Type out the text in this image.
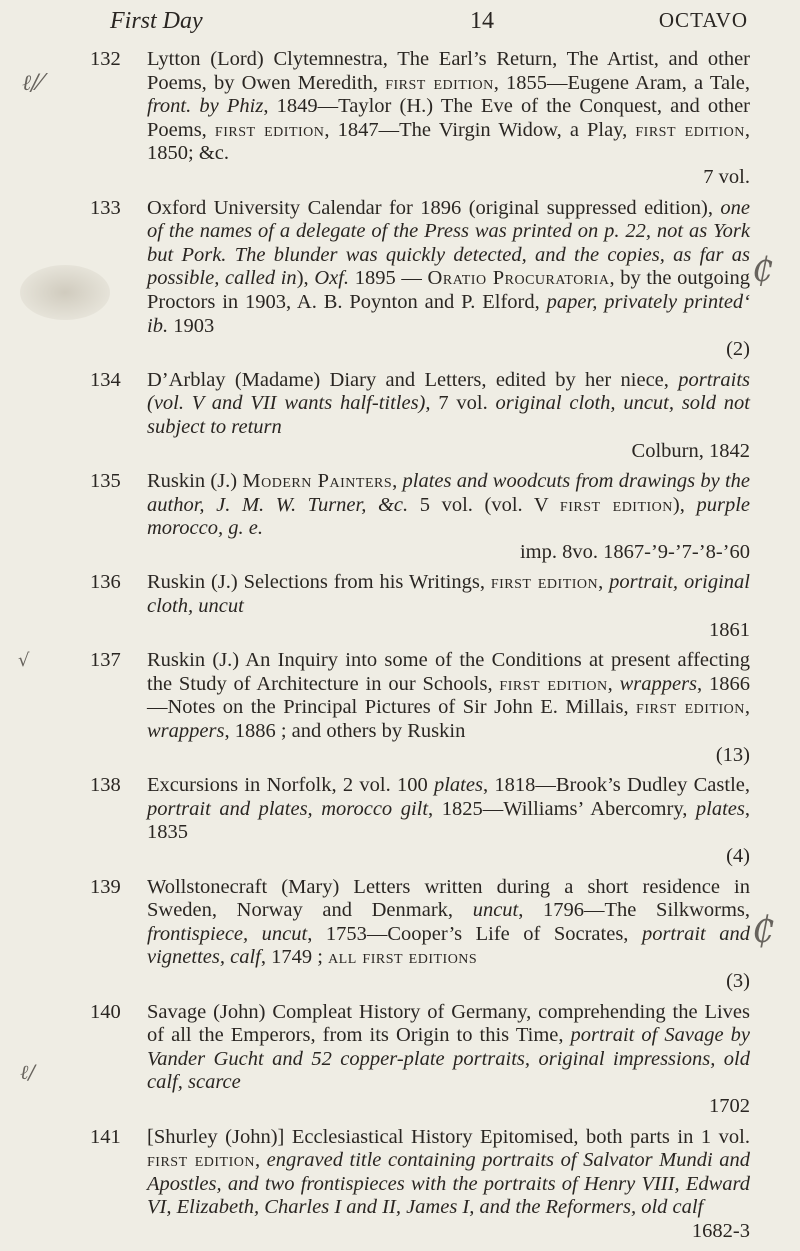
ℓ/⁄
√
ℓ/
₵
₵
First Day	14	OCTAVO
132	Lytton (Lord) Clytemnestra, The Earl’s Return, The Artist, and other Poems, by Owen Meredith, first edition, 1855—Eugene Aram, a Tale, front. by Phiz, 1849—Taylor (H.) The Eve of the Conquest, and other Poems, first edition, 1847—The Virgin Widow, a Play, first edition, 1850; &c.
7 vol.
133	Oxford University Calendar for 1896 (original suppressed edition), one of the names of a delegate of the Press was printed on p. 22, not as York but Pork. The blunder was quickly detected, and the copies, as far as possible, called in), Oxf. 1895 — Oratio Procuratoria, by the outgoing Proctors in 1903, A. B. Poynton and P. Elford, paper, privately printed‘ ib. 1903
(2)
134	D’Arblay (Madame) Diary and Letters, edited by her niece, portraits (vol. V and VII wants half-titles), 7 vol. original cloth, uncut, sold not subject to return
Colburn, 1842
135	Ruskin (J.) Modern Painters, plates and woodcuts from drawings by the author, J. M. W. Turner, &c. 5 vol. (vol. V first edition), purple morocco, g. e.
imp. 8vo. 1867-’9-’7-’8-’60
136	Ruskin (J.) Selections from his Writings, first edition, portrait, original cloth, uncut
1861
137	Ruskin (J.) An Inquiry into some of the Conditions at present affecting the Study of Architecture in our Schools, first edition, wrappers, 1866—Notes on the Principal Pictures of Sir John E. Millais, first edition, wrappers, 1886 ; and others by Ruskin
(13)
138	Excursions in Norfolk, 2 vol. 100 plates, 1818—Brook’s Dudley Castle, portrait and plates, morocco gilt, 1825—Williams’ Abercomry, plates, 1835
(4)
139	Wollstonecraft (Mary) Letters written during a short residence in Sweden, Norway and Denmark, uncut, 1796—The Silkworms, frontispiece, uncut, 1753—Cooper’s Life of Socrates, portrait and vignettes, calf, 1749 ; all first editions
(3)
140	Savage (John) Compleat History of Germany, comprehending the Lives of all the Emperors, from its Origin to this Time, portrait of Savage by Vander Gucht and 52 copper-plate portraits, original impressions, old calf, scarce
1702
141	[Shurley (John)] Ecclesiastical History Epitomised, both parts in 1 vol. first edition, engraved title containing portraits of Salvator Mundi and Apostles, and two frontispieces with the portraits of Henry VIII, Edward VI, Elizabeth, Charles I and II, James I, and the Reformers, old calf
1682-3
